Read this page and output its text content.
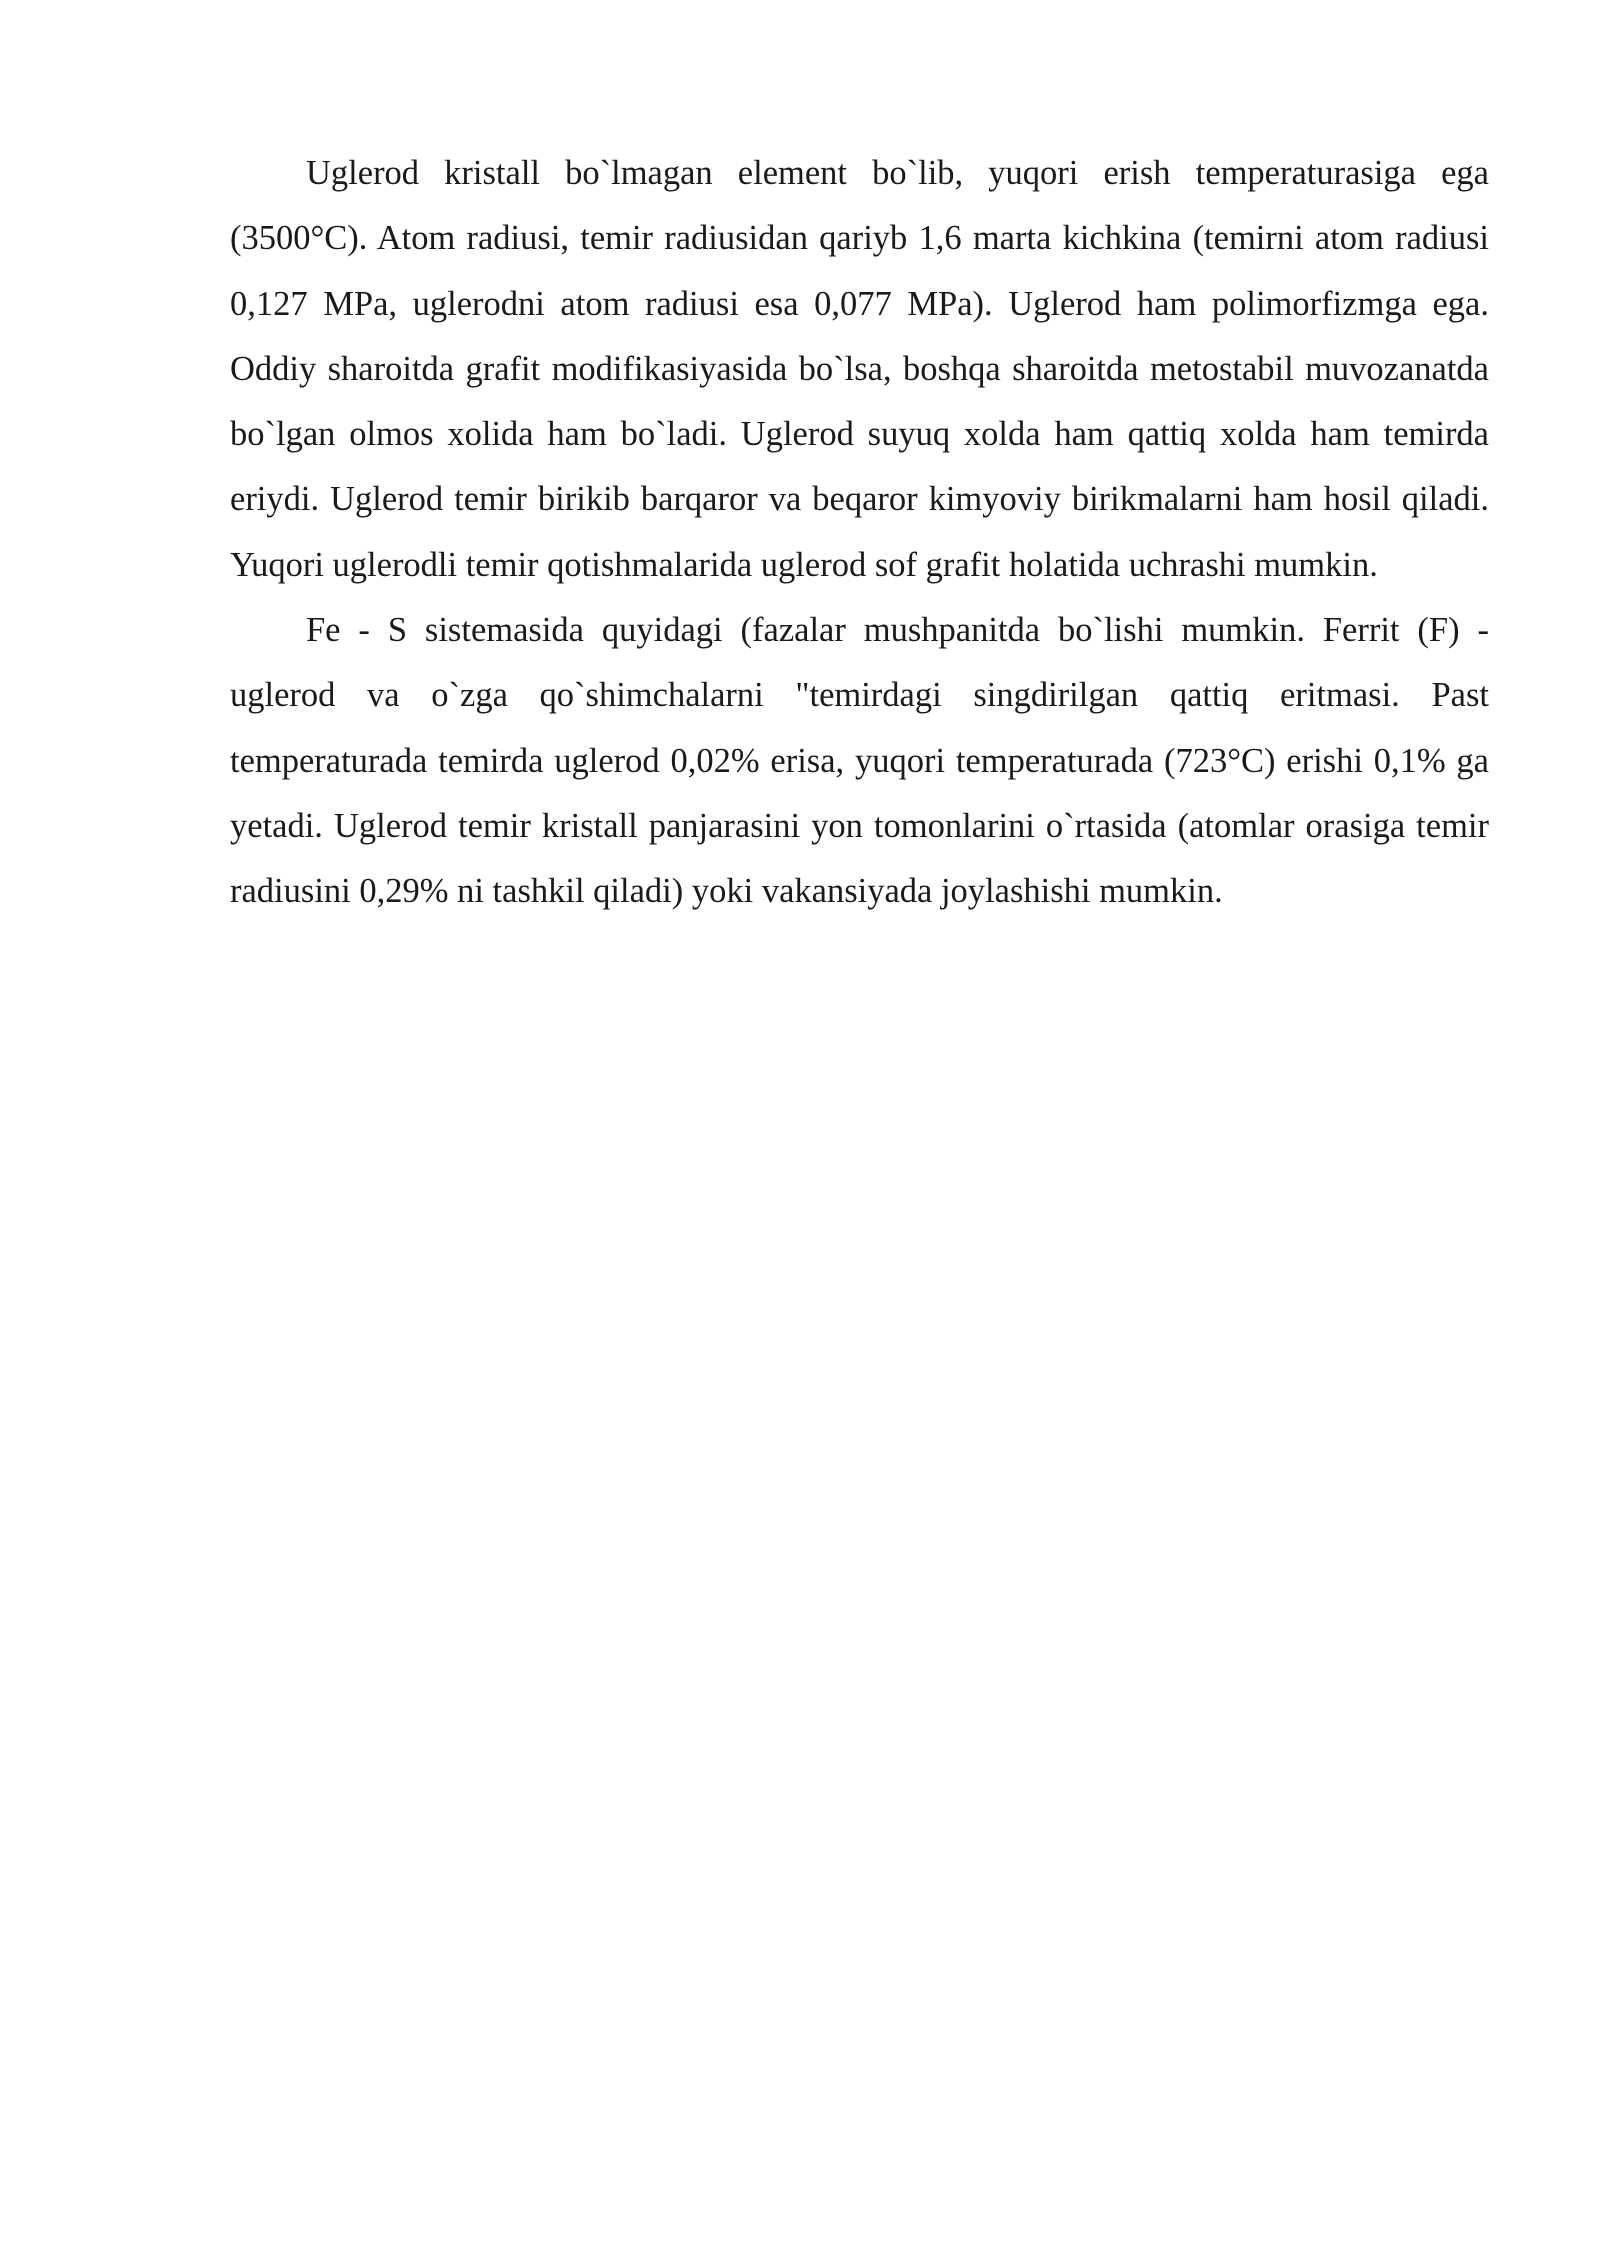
Uglerod kristall bo`lmagan element bo`lib, yuqori erish temperaturasiga ega (3500°C). Atom radiusi, temir radiusidan qariyb 1,6 marta kichkina (temirni atom radiusi 0,127 MPa, uglerodni atom radiusi esa 0,077 MPa). Uglerod ham polimorfizmga ega. Oddiy sharoitda grafit modifikasiyasida bo`lsa, boshqa sharoitda metostabil muvozanatda bo`lgan olmos xolida ham bo`ladi. Uglerod suyuq xolda ham qattiq xolda ham temirda eriydi. Uglerod temir birikib barqaror va beqaror kimyoviy birikmalarni ham hosil qiladi. Yuqori uglerodli temir qotishmalarida uglerod sof grafit holatida uchrashi mumkin.

Fe - S sistemasida quyidagi (fazalar mushpanitda bo`lishi mumkin. Ferrit (F) - uglerod va o`zga qo`shimchalarni "temirdagi singdirilgan qattiq eritmasi. Past temperaturada temirda uglerod 0,02% erisa, yuqori temperaturada (723°C) erishi 0,1% ga yetadi. Uglerod temir kristall panjarasini yon tomonlarini o`rtasida (atomlar orasiga temir radiusini 0,29% ni tashkil qiladi) yoki vakansiyada joylashishi mumkin.
